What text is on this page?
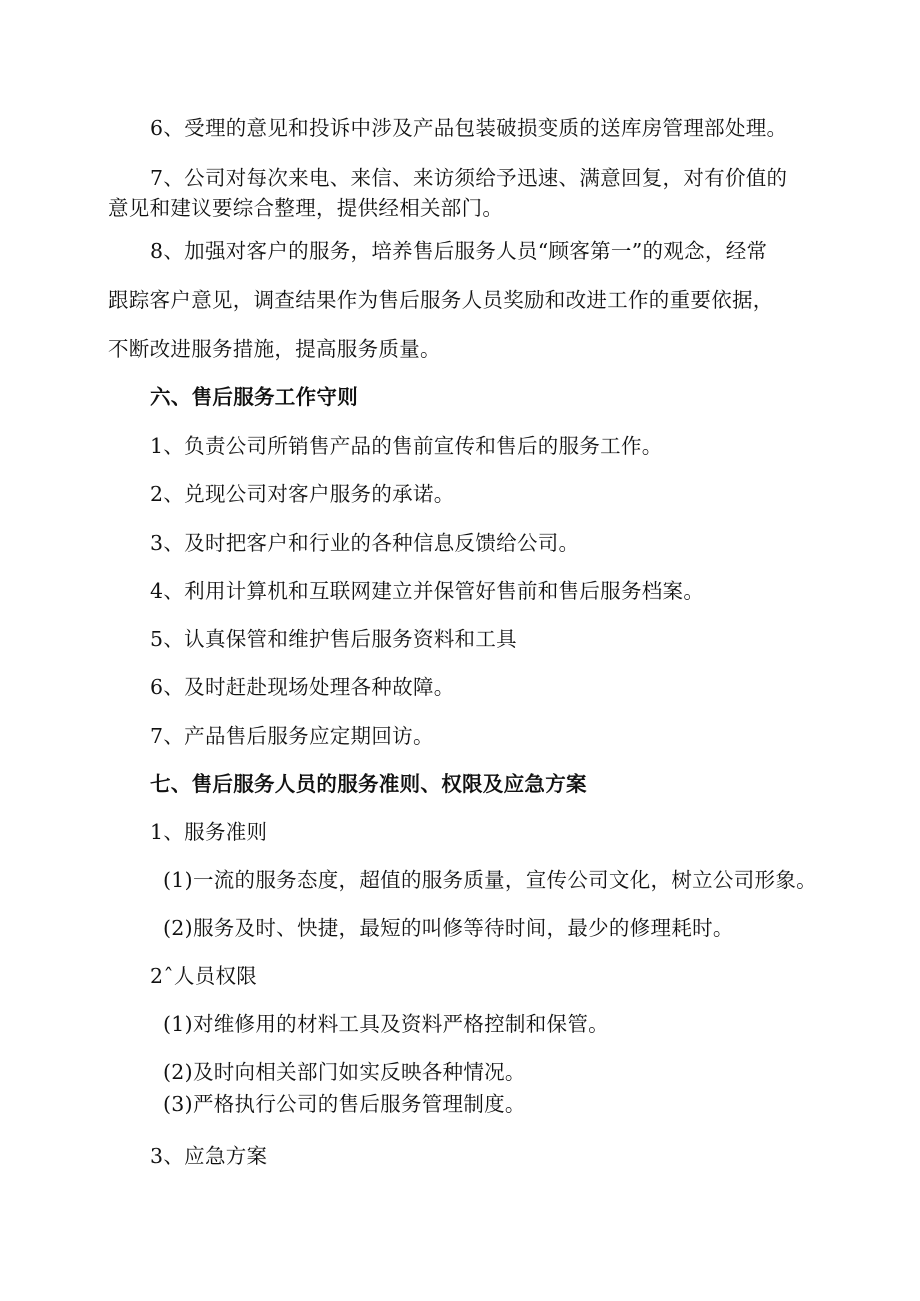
6、受理的意见和投诉中涉及产品包装破损变质的送库房管理部处理。
7、公司对每次来电、来信、来访须给予迅速、满意回复，对有价值的
意见和建议要综合整理，提供经相关部门。
8、加强对客户的服务，培养售后服务人员“顾客第一”的观念，经常
跟踪客户意见，调查结果作为售后服务人员奖励和改进工作的重要依据，
不断改进服务措施，提高服务质量。
六、售后服务工作守则
1、负责公司所销售产品的售前宣传和售后的服务工作。
2、兑现公司对客户服务的承诺。
3、及时把客户和行业的各种信息反馈给公司。
4、利用计算机和互联网建立并保管好售前和售后服务档案。
5、认真保管和维护售后服务资料和工具
6、及时赶赴现场处理各种故障。
7、产品售后服务应定期回访。
七、售后服务人员的服务准则、权限及应急方案
1、服务准则
(1)一流的服务态度，超值的服务质量，宣传公司文化，树立公司形象。
(2)服务及时、快捷，最短的叫修等待时间，最少的修理耗时。
2ˆ人员权限
(1)对维修用的材料工具及资料严格控制和保管。
(2)及时向相关部门如实反映各种情况。
(3)严格执行公司的售后服务管理制度。
3、应急方案
